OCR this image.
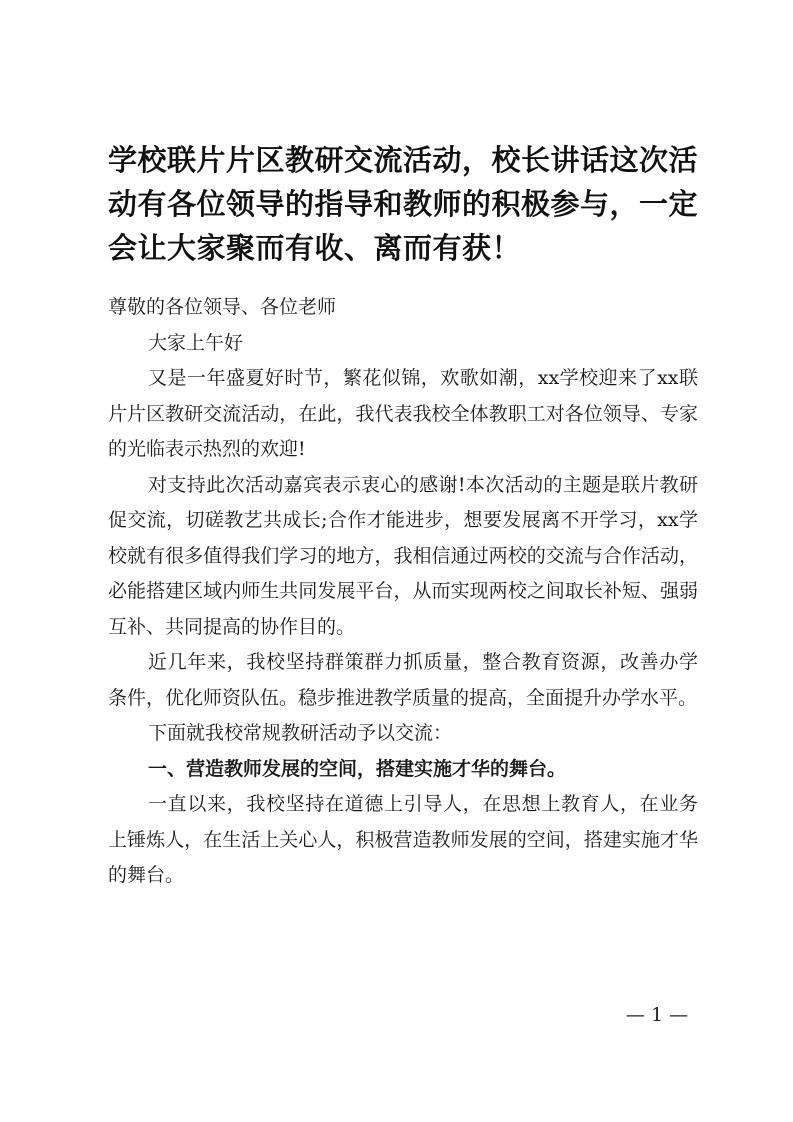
学校联片片区教研交流活动，校长讲话这次活动有各位领导的指导和教师的积极参与，一定会让大家聚而有收、离而有获！

尊敬的各位领导、各位老师

大家上午好

又是一年盛夏好时节，繁花似锦，欢歌如潮，xx学校迎来了xx联片片区教研交流活动，在此，我代表我校全体教职工对各位领导、专家的光临表示热烈的欢迎!

对支持此次活动嘉宾表示衷心的感谢!本次活动的主题是联片教研促交流，切磋教艺共成长;合作才能进步，想要发展离不开学习，xx学校就有很多值得我们学习的地方，我相信通过两校的交流与合作活动，必能搭建区域内师生共同发展平台，从而实现两校之间取长补短、强弱互补、共同提高的协作目的。

近几年来，我校坚持群策群力抓质量，整合教育资源，改善办学条件，优化师资队伍。稳步推进教学质量的提高，全面提升办学水平。

下面就我校常规教研活动予以交流：

一、营造教师发展的空间，搭建实施才华的舞台。

一直以来，我校坚持在道德上引导人，在思想上教育人，在业务上锤炼人，在生活上关心人，积极营造教师发展的空间，搭建实施才华的舞台。

— 1 —
